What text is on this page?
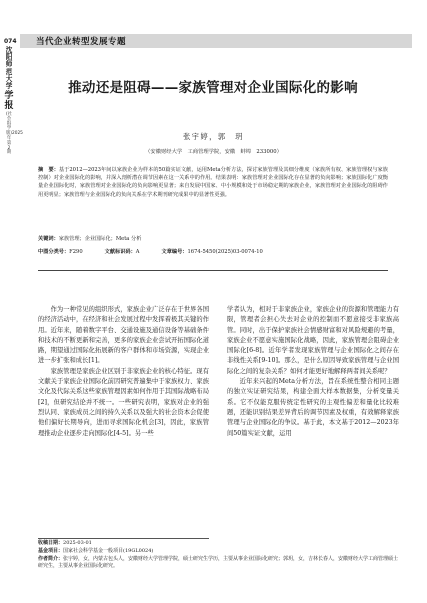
074
沈阳师范大学
学报
(社会科学版)2025年第2期
当代企业转型发展专题
推动还是阻碍——家族管理对企业国际化的影响
张宇婷，郭　玥
（安徽财经大学　工商管理学院，安徽　蚌埠　233000）
摘　要：基于2012—2023年间以家族企业为样本的50篇实证文献，运用Meta分析方法，探讨家族管理及其细分维度（家族所有权、家族管理权与家族控制）对企业国际化的影响，并深入剖析潜在调节因素在这一关系中的作用。结果表明：家族管理对企业国际化存在显著的负向影响；家族国际化广度衡量企业国际化时，家族管理对企业国际化的负向影响更显著；来自发展中国家、中小规模和处于市场稳定期的家族企业，家族管理对企业国际化的阻碍作用更明显；家族管理与企业国际化的负向关系在学术期刊研究成果中的显著性更强。
关键词：家族管理；企业国际化；Meta 分析
中图分类号：F290	文献标识码：A	文章编号：1674-5450(2025)03-0074-10

作为一种常见的组织形式，家族企业广泛存在于世界各国的经济活动中，在经济和社会发展过程中发挥着极其关键的作用。近年来，随着数字平台、交通设施及通信设备等基础条件和技术的不断更新和完善，更多的家族企业尝试开拓国际化道路，期望通过国际化拓展新的客户群体和市场资源，实现企业进一步扩张和成长[1]。

家族管理是家族企业区别于非家族企业的核心特征。现有文献关于家族企业国际化前因研究普遍集中于家族权力、家族文化及代际关系这些家族管理因素如何作用于其国际战略布局[2]，但研究结论并不统一。一些研究表明，家族对企业的强烈认同、家族成员之间的持久关系以及强大的社会资本会促使他们偏好长期导向，进而寻求国际化机会[3]，因此，家族管理推动企业逐步走向国际化[4-5]。另一些

学者认为，相对于非家族企业，家族企业的资源和管理能力有限，管理者会担心失去对企业的控制而不愿意接受非家族高管。同时，出于保护家族社会情感财富和对风险规避的考量，家族企业不愿意实施国际化战略，因此，家族管理会阻碍企业国际化[6-8]。近年学者发现家族管理与企业国际化之间存在非线性关系[9-10]。那么，是什么原因导致家族管理与企业国际化之间的复杂关系？如何才能更好地解释两者间关系呢？

近年来兴起的Meta分析方法，旨在系统性整合相同主题的独立实证研究结果，构建全面大样本数据集，分析变量关系。它不仅能克服传统定性研究的主观性偏差和量化比较难题，还能识别结果差异背后的调节因素及权重，有效解释家族管理与企业国际化的争议。基于此，本文基于2012—2023年间50篇实证文献，运用

收稿日期：2025-03-01
基金项目：国家社会科学基金一般项目(19GL0024)
作者简介：张宇婷，女，内蒙古包头人，安徽财经大学管理学院，硕士研究生学历，主要从事企业国际化研究；郭玥，女，吉林长春人，安徽财经大学工商管理硕士研究生，主要从事企业国际化研究。
